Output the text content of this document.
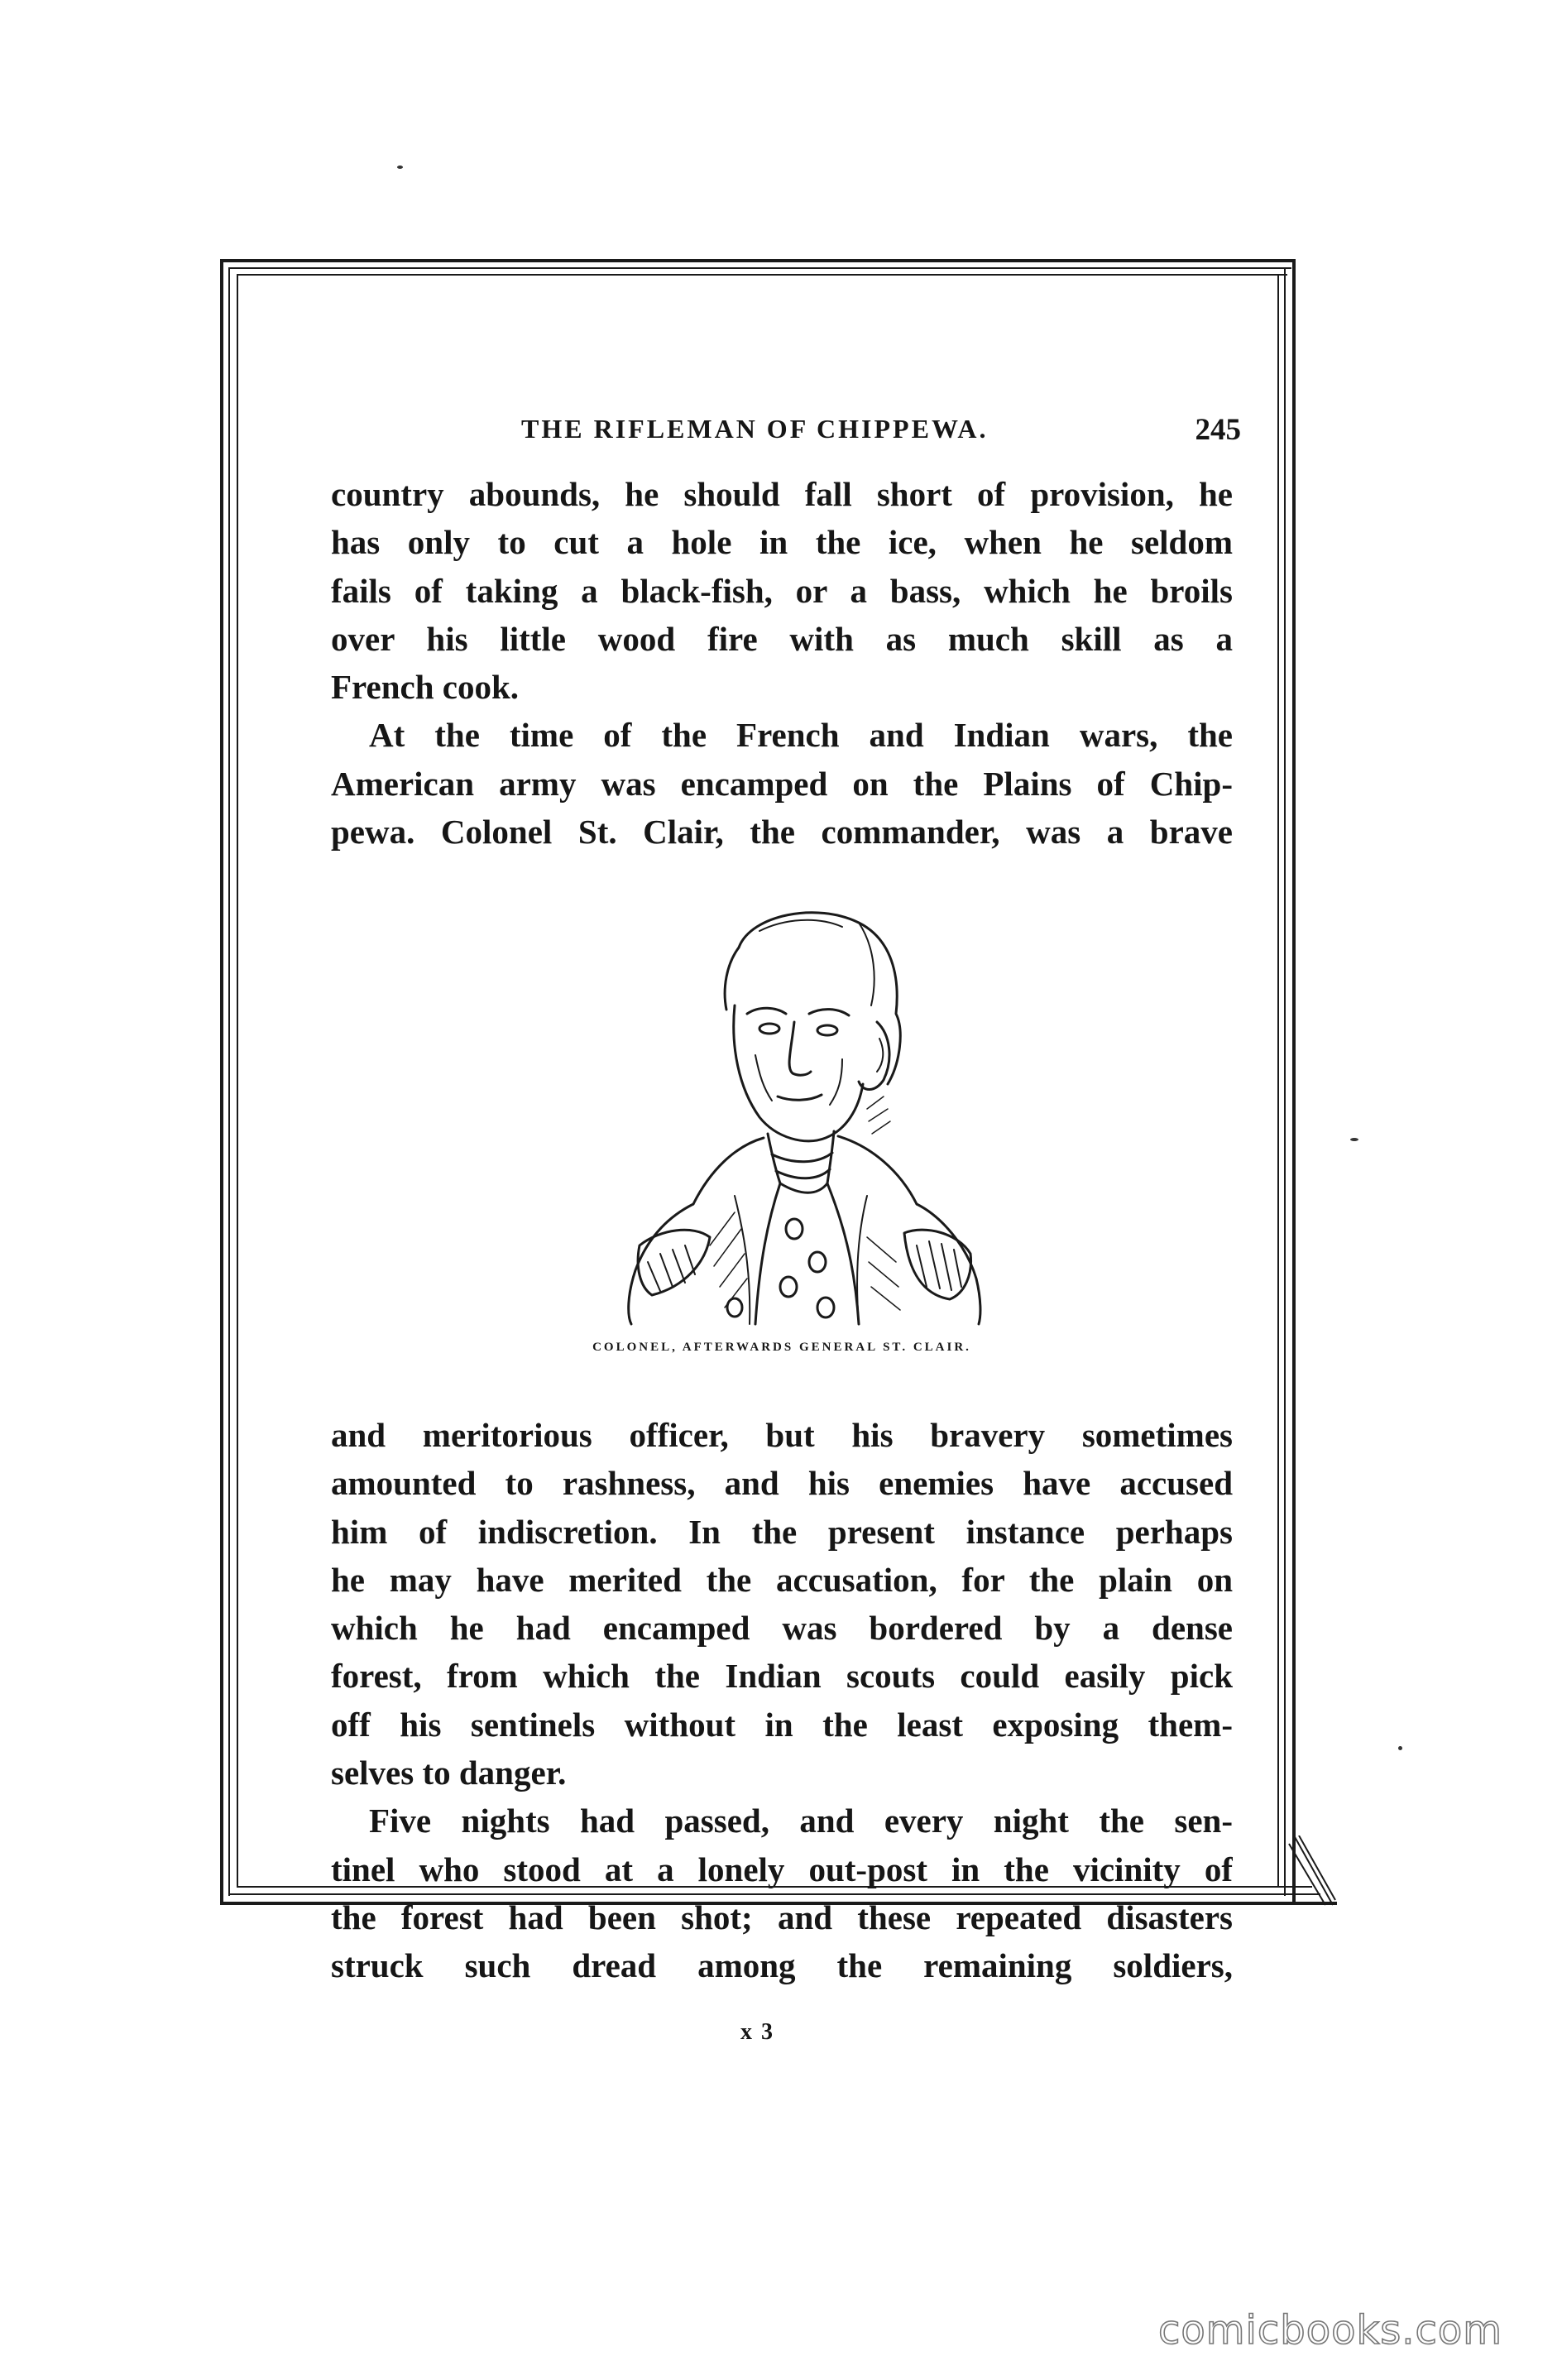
THE RIFLEMAN OF CHIPPEWA.	245
country abounds, he should fall short of provision, he
has only to cut a hole in the ice, when he seldom
fails of taking a black-fish, or a bass, which he broils
over his little wood fire with as much skill as a
French cook.
At the time of the French and Indian wars, the
American army was encamped on the Plains of Chip-
pewa. Colonel St. Clair, the commander, was a brave
COLONEL, AFTERWARDS GENERAL ST. CLAIR.
and meritorious officer, but his bravery sometimes
amounted to rashness, and his enemies have accused
him of indiscretion. In the present instance perhaps
he may have merited the accusation, for the plain on
which he had encamped was bordered by a dense
forest, from which the Indian scouts could easily pick
off his sentinels without in the least exposing them-
selves to danger.
Five nights had passed, and every night the sen-
tinel who stood at a lonely out-post in the vicinity of
the forest had been shot; and these repeated disasters
struck such dread among the remaining soldiers,
x 3
comicbooks.com
